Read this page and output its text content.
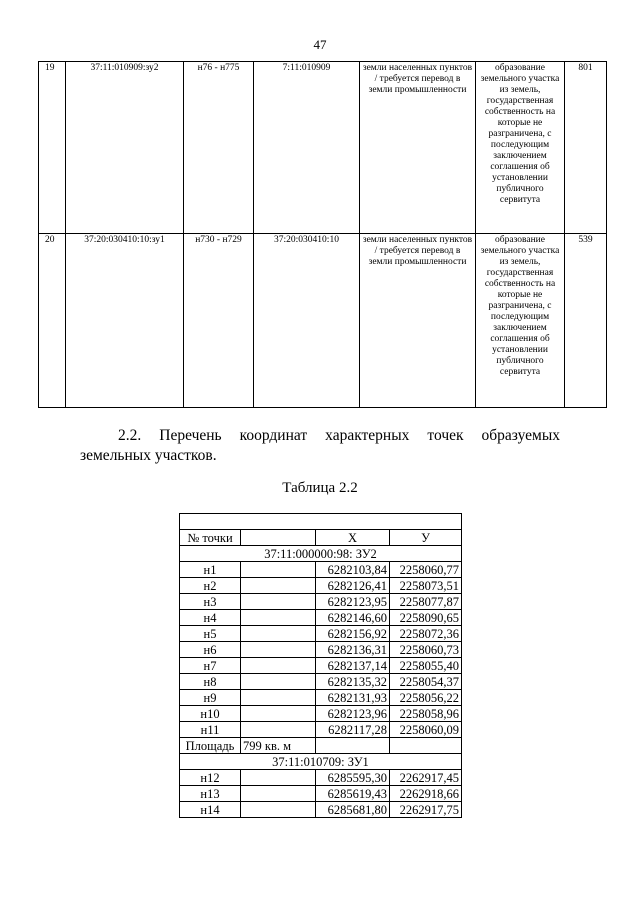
47
19	37:11:010909:зу2	н76 - н775	7:11:010909	земли населенных пунктов / требуется перевод в земли промышленности	образование земельного участка из земель, государственная собственность на которые не разграничена, с последующим заключением соглашения об установлении публичного сервитута	801
20	37:20:030410:10:зу1	н730 - н729	37:20:030410:10	земли населенных пунктов / требуется перевод в земли промышленности	образование земельного участка из земель, государственная собственность на которые не разграничена, с последующим заключением соглашения об установлении публичного сервитута	539
2.2. Перечень координат характерных точек образуемых земельных участков.
Таблица 2.2

№ точки		Х	У
37:11:000000:98: ЗУ2			
н1		6282103,84	2258060,77
н2		6282126,41	2258073,51
н3		6282123,95	2258077,87
н4		6282146,60	2258090,65
н5		6282156,92	2258072,36
н6		6282136,31	2258060,73
н7		6282137,14	2258055,40
н8		6282135,32	2258054,37
н9		6282131,93	2258056,22
н10		6282123,96	2258058,96
н11		6282117,28	2258060,09
Площадь	799 кв. м		
37:11:010709: ЗУ1			
н12		6285595,30	2262917,45
н13		6285619,43	2262918,66
н14		6285681,80	2262917,75
